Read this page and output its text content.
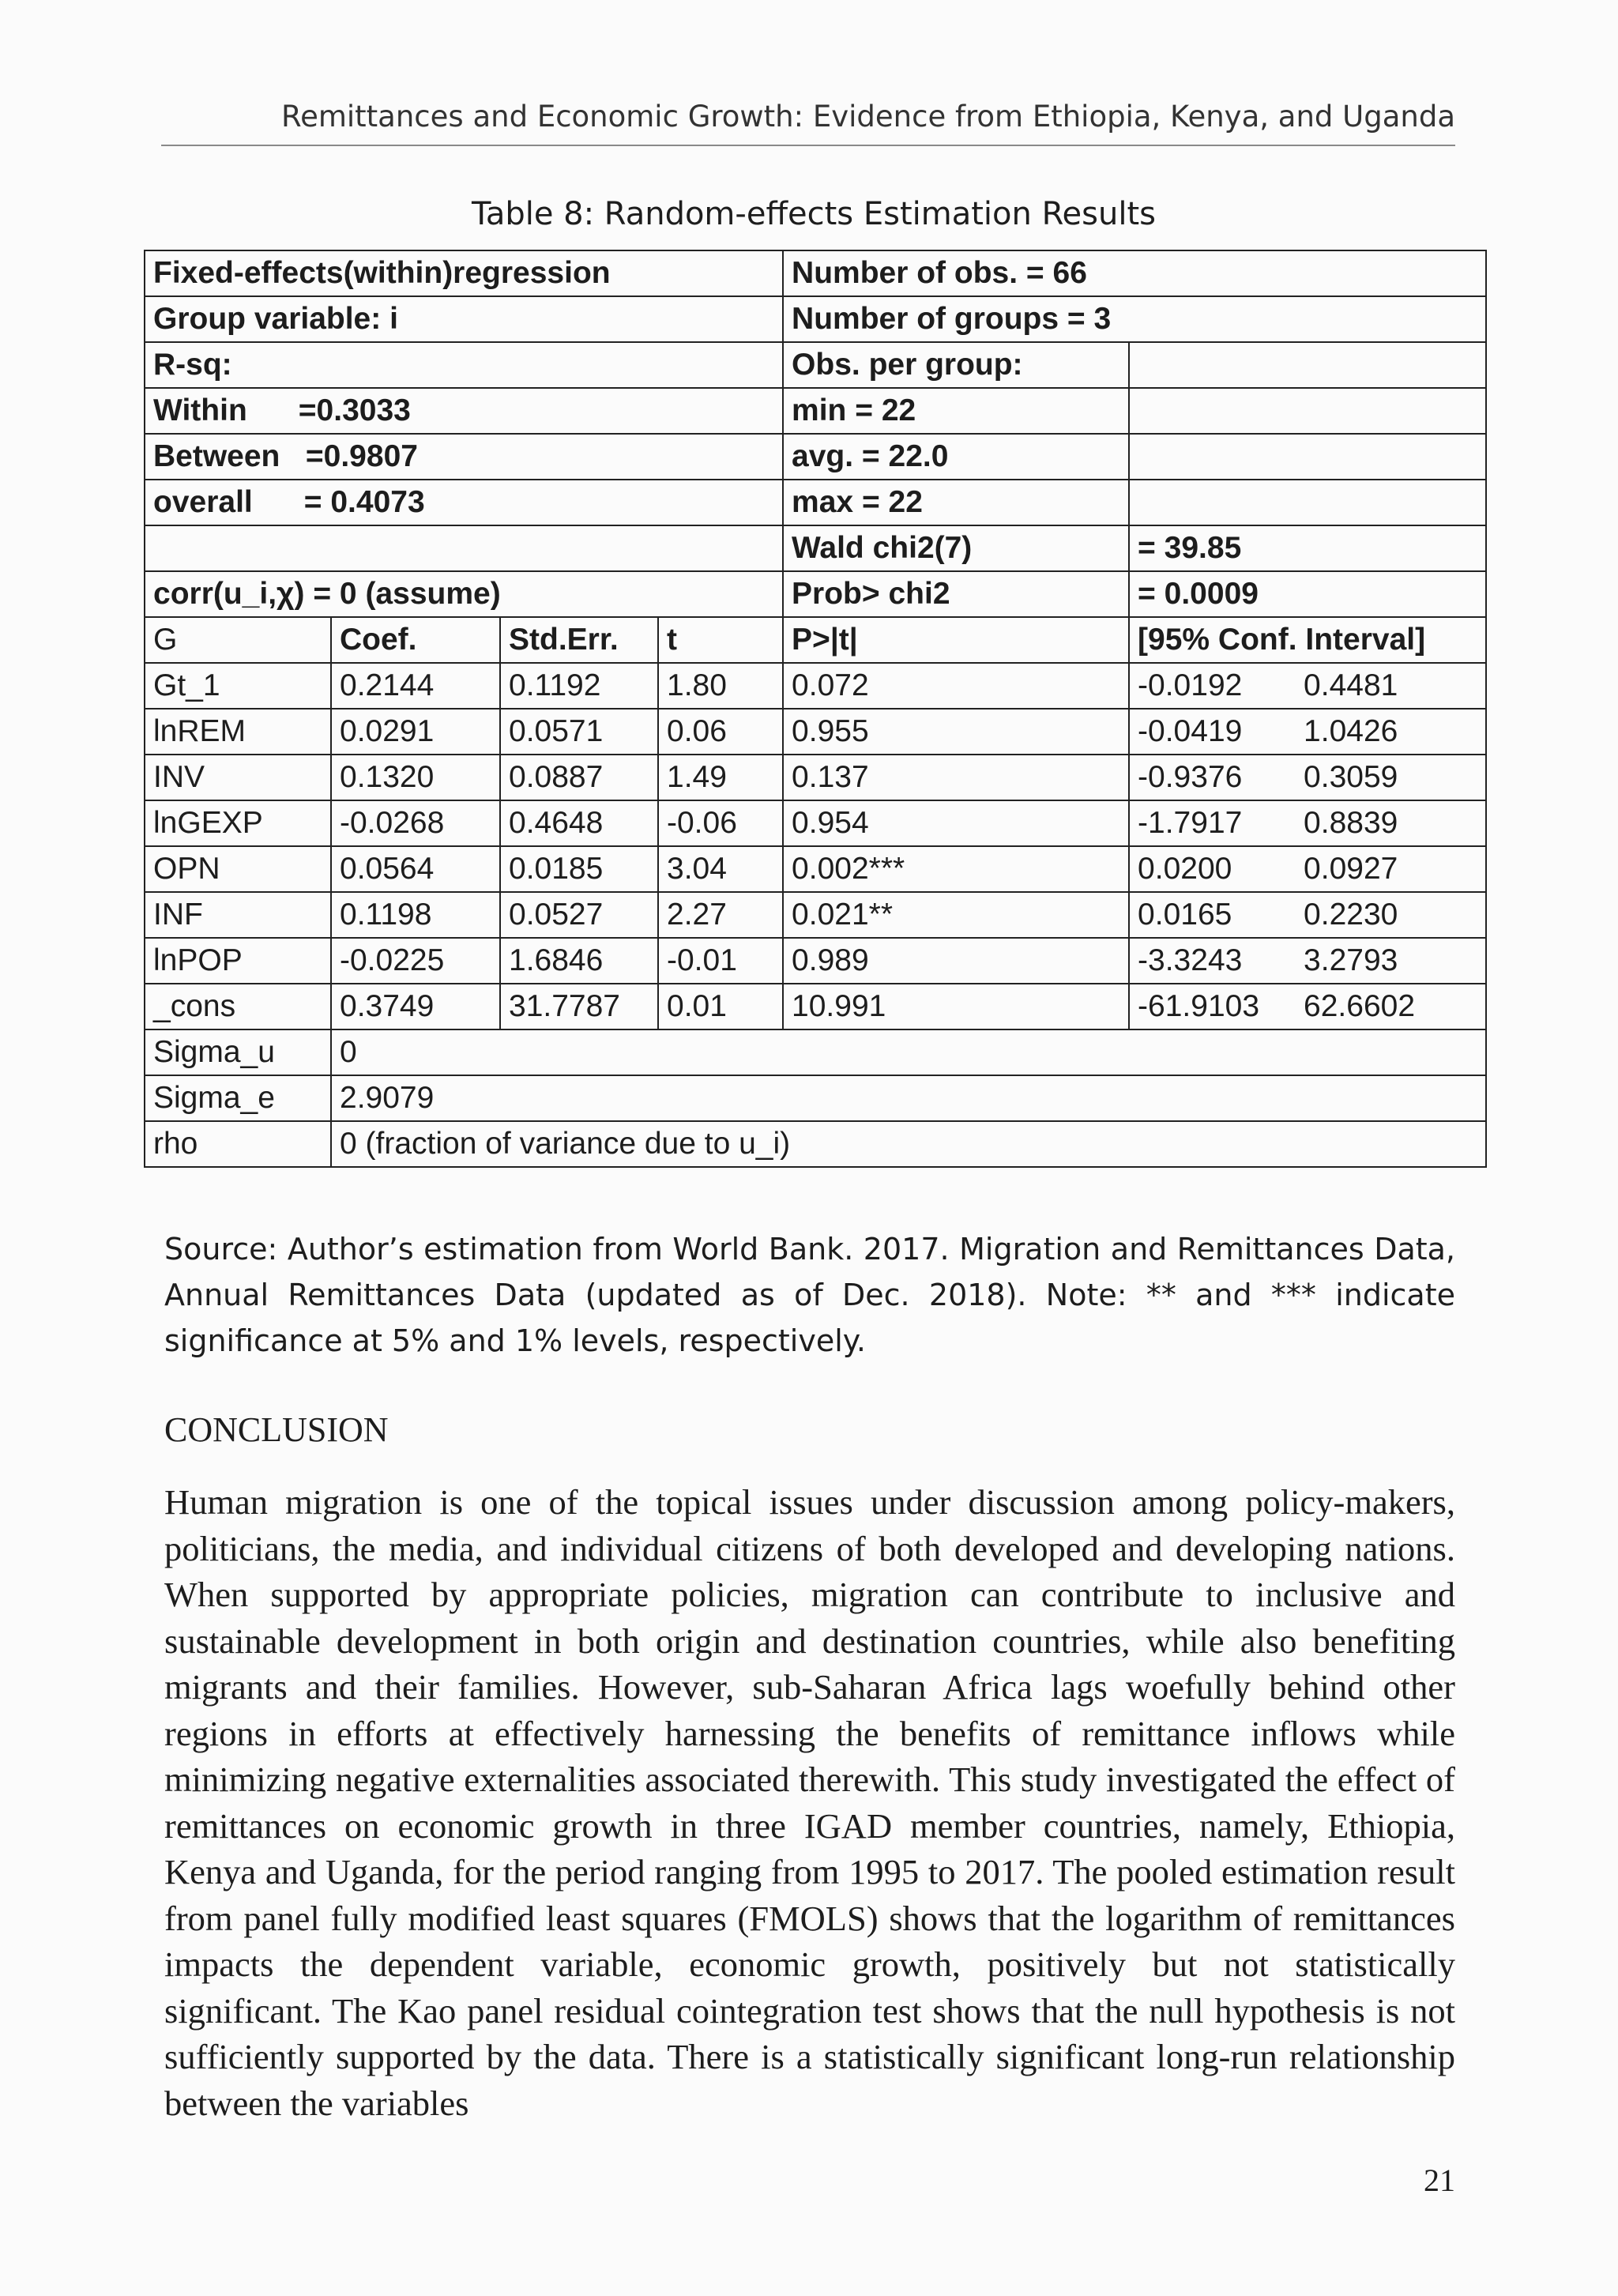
Remittances and Economic Growth: Evidence from Ethiopia, Kenya, and Uganda
Table 8: Random-effects Estimation Results
Fixed-effects(within)regression				Number of obs. = 66	
Group variable: i				Number of groups = 3	
R-sq:				Obs. per group:	
Within      =0.3033				min = 22	
Between   =0.9807				avg. = 22.0	
overall      = 0.4073				max = 22	
				Wald chi2(7)	= 39.85
corr(u_i,χ) = 0 (assume)				Prob> chi2	= 0.0009
G	Coef.	Std.Err.	t	P>|t|	[95% Conf. Interval]
Gt_1	0.2144	0.1192	1.80	0.072	-0.0192 0.4481
lnREM	0.0291	0.0571	0.06	0.955	-0.0419 1.0426
INV	0.1320	0.0887	1.49	0.137	-0.9376 0.3059
lnGEXP	-0.0268	0.4648	-0.06	0.954	-1.7917 0.8839
OPN	0.0564	0.0185	3.04	0.002***	0.0200 0.0927
INF	0.1198	0.0527	2.27	0.021**	0.0165 0.2230
lnPOP	-0.0225	1.6846	-0.01	0.989	-3.3243 3.2793
_cons	0.3749	31.7787	0.01	10.991	-61.9103 62.6602
Sigma_u	0				
Sigma_e	2.9079				
rho	0 (fraction of variance due to u_i)				
Source: Author’s estimation from World Bank. 2017. Migration and Remittances Data, Annual Remittances Data (updated as of Dec. 2018). Note: ** and *** indicate significance at 5% and 1% levels, respectively.
CONCLUSION
Human migration is one of the topical issues under discussion among policy-makers, politicians, the media, and individual citizens of both developed and developing nations. When supported by appropriate policies, migration can contribute to inclusive and sustainable development in both origin and destination countries, while also benefiting migrants and their families. However, sub-Saharan Africa lags woefully behind other regions in efforts at effectively harnessing the benefits of remittance inflows while minimizing negative externalities associated therewith. This study investigated the effect of remittances on economic growth in three IGAD member countries, namely, Ethiopia, Kenya and Uganda, for the period ranging from 1995 to 2017. The pooled estimation result from panel fully modified least squares (FMOLS) shows that the logarithm of remittances impacts the dependent variable, economic growth, positively but not statistically significant. The Kao panel residual cointegration test shows that the null hypothesis is not sufficiently supported by the data. There is a statistically significant long-run relationship between the variables
21
